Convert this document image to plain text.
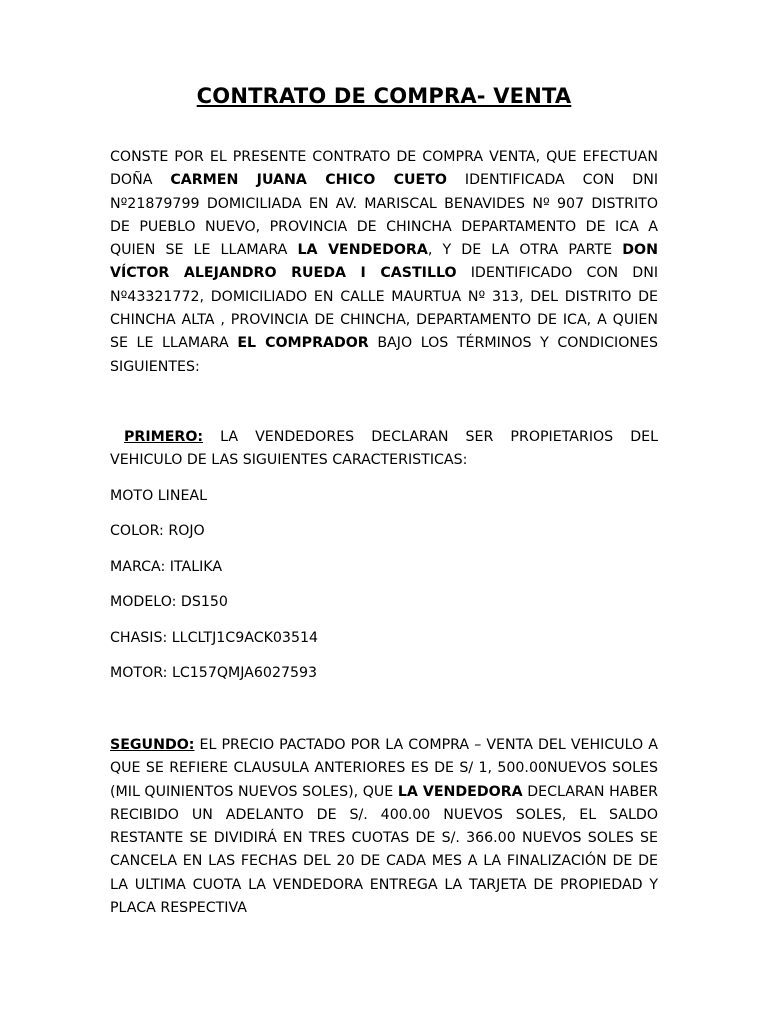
CONTRATO DE COMPRA- VENTA
CONSTE POR EL PRESENTE CONTRATO DE COMPRA VENTA, QUE EFECTUAN DOÑA CARMEN JUANA CHICO CUETO IDENTIFICADA CON DNI Nº21879799 DOMICILIADA EN AV. MARISCAL BENAVIDES Nº 907 DISTRITO DE PUEBLO NUEVO, PROVINCIA DE CHINCHA DEPARTAMENTO DE ICA A QUIEN SE LE LLAMARA LA VENDEDORA, Y DE LA OTRA PARTE DON VÍCTOR ALEJANDRO RUEDA I CASTILLO IDENTIFICADO CON DNI Nº43321772, DOMICILIADO EN CALLE MAURTUA Nº 313, DEL DISTRITO DE CHINCHA ALTA , PROVINCIA DE CHINCHA, DEPARTAMENTO DE ICA, A QUIEN SE LE LLAMARA EL COMPRADOR BAJO LOS TÉRMINOS Y CONDICIONES SIGUIENTES:
PRIMERO: LA VENDEDORES DECLARAN SER PROPIETARIOS DEL VEHICULO DE LAS SIGUIENTES CARACTERISTICAS:
MOTO LINEAL
COLOR: ROJO
MARCA: ITALIKA
MODELO: DS150
CHASIS: LLCLTJ1C9ACK03514
MOTOR: LC157QMJA6027593
SEGUNDO: EL PRECIO PACTADO POR LA COMPRA – VENTA DEL VEHICULO A QUE SE REFIERE CLAUSULA ANTERIORES ES DE S/ 1, 500.00NUEVOS SOLES (MIL QUINIENTOS NUEVOS SOLES), QUE LA VENDEDORA DECLARAN HABER RECIBIDO UN ADELANTO DE S/. 400.00 NUEVOS SOLES, EL SALDO RESTANTE SE DIVIDIRÁ EN TRES CUOTAS DE S/. 366.00 NUEVOS SOLES SE CANCELA EN LAS FECHAS DEL 20 DE CADA MES A LA FINALIZACIÓN DE DE LA ULTIMA CUOTA LA VENDEDORA ENTREGA LA TARJETA DE PROPIEDAD Y PLACA RESPECTIVA
